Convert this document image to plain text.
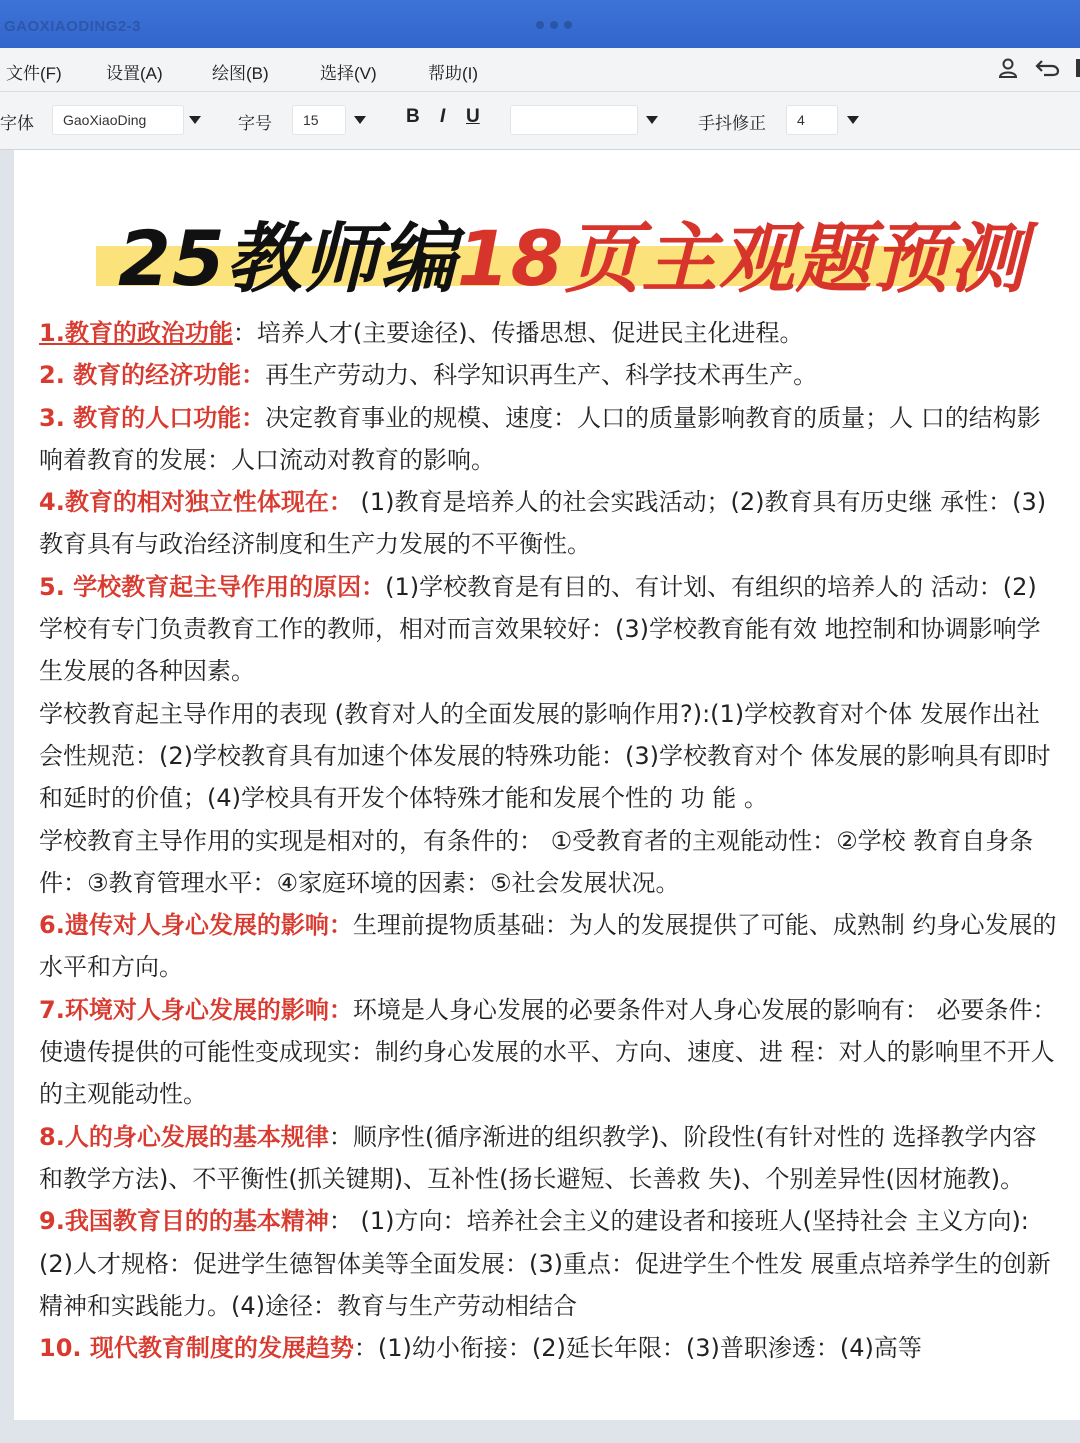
GAOXIAODING2-3
文件(F)	设置(A)	绘图(B)	选择(V)	帮助(I)
字体	GaoXiaoDing	字号	15	B I U	手抖修正	4
25教师编18页主观题预测

1.教育的政治功能：培养人才(主要途径)、传播思想、促进民主化进程。

2. 教育的经济功能：再生产劳动力、科学知识再生产、科学技术再生产。

3. 教育的人口功能：决定教育事业的规模、速度：人口的质量影响教育的质量；人 口的结构影响着教育的发展：人口流动对教育的影响。

4.教育的相对独立性体现在： (1)教育是培养人的社会实践活动；(2)教育具有历史继 承性：(3)教育具有与政治经济制度和生产力发展的不平衡性。

5. 学校教育起主导作用的原因：(1)学校教育是有目的、有计划、有组织的培养人的 活动：(2)学校有专门负责教育工作的教师，相对而言效果较好：(3)学校教育能有效 地控制和协调影响学生发展的各种因素。

学校教育起主导作用的表现 (教育对人的全面发展的影响作用?):(1)学校教育对个体 发展作出社会性规范：(2)学校教育具有加速个体发展的特殊功能：(3)学校教育对个 体发展的影响具有即时和延时的价值；(4)学校具有开发个体特殊才能和发展个性的 功 能 。

学校教育主导作用的实现是相对的，有条件的： ①受教育者的主观能动性：②学校 教育自身条件：③教育管理水平：④家庭环境的因素：⑤社会发展状况。

6.遗传对人身心发展的影响：生理前提物质基础：为人的发展提供了可能、成熟制 约身心发展的水平和方向。

7.环境对人身心发展的影响：环境是人身心发展的必要条件对人身心发展的影响有： 必要条件：使遗传提供的可能性变成现实：制约身心发展的水平、方向、速度、进 程：对人的影响里不开人的主观能动性。

8.人的身心发展的基本规律：顺序性(循序渐进的组织教学)、阶段性(有针对性的 选择教学内容和教学方法)、不平衡性(抓关键期)、互补性(扬长避短、长善救 失)、个别差异性(因材施教)。

9.我国教育目的的基本精神： (1)方向：培养社会主义的建设者和接班人(坚持社会 主义方向):(2)人才规格：促进学生德智体美等全面发展：(3)重点：促进学生个性发 展重点培养学生的创新精神和实践能力。(4)途径：教育与生产劳动相结合

10. 现代教育制度的发展趋势：(1)幼小衔接：(2)延长年限：(3)普职渗透：(4)高等
